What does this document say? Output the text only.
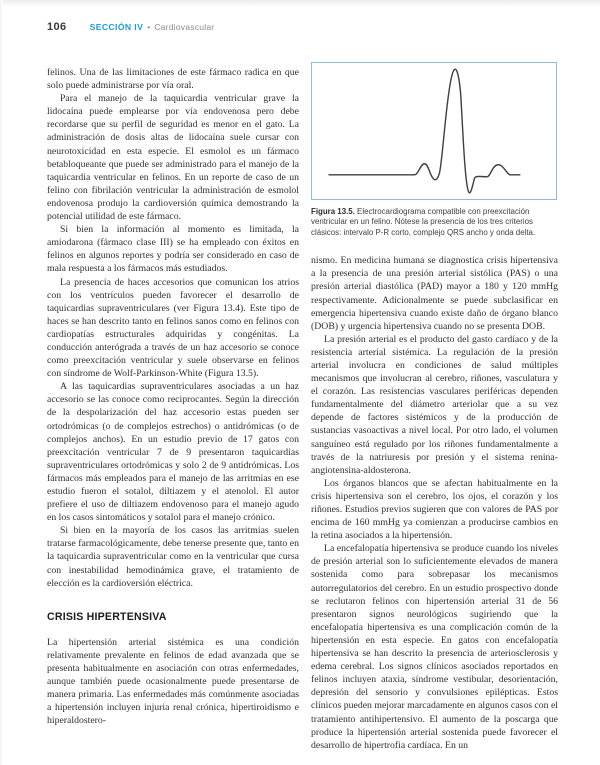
106	SECCIÓN IV • Cardiovascular

felinos. Una de las limitaciones de este fármaco radica en que solo puede administrarse por vía oral.

Para el manejo de la taquicardia ventricular grave la lidocaína puede emplearse por vía endovenosa pero debe recordarse que su perfil de seguridad es menor en el gato. La administración de dosis altas de lidocaína suele cursar con neurotoxicidad en esta especie. El esmolol es un fármaco betabloqueante que puede ser administrado para el manejo de la taquicardia ventricular en felinos. En un reporte de caso de un felino con fibrilación ventricular la administración de esmolol endovenosa produjo la cardioversión química demostrando la potencial utilidad de este fármaco.

Si bien la información al momento es limitada, la amiodarona (fármaco clase III) se ha empleado con éxitos en felinos en algunos reportes y podría ser considerado en caso de mala respuesta a los fármacos más estudiados.

La presencia de haces accesorios que comunican los atrios con los ventrículos pueden favorecer el desarrollo de taquicardias supraventriculares (ver Figura 13.4). Este tipo de haces se han descrito tanto en felinos sanos como en felinos con cardiopatías estructurales adquiridas y congénitas. La conducción anterógrada a través de un haz accesorio se conoce como preexcitación ventricular y suele observarse en felinos con síndrome de Wolf-Parkinson-White (Figura 13.5).

A las taquicardias supraventriculares asociadas a un haz accesorio se las conoce como reciprocantes. Según la dirección de la despolarización del haz accesorio estas pueden ser ortodrómicas (o de complejos estrechos) o antidrómicas (o de complejos anchos). En un estudio previo de 17 gatos con preexcitación ventricular 7 de 9 presentaron taquicardias supraventriculares ortodrómicas y solo 2 de 9 antidrómicas. Los fármacos más empleados para el manejo de las arritmias en ese estudio fueron el sotalol, diltiazem y el atenolol. El autor prefiere el uso de diltiazem endovenoso para el manejo agudo en los casos sintomáticos y sotalol para el manejo crónico.

Si bien en la mayoría de los casos las arritmias suelen tratarse farmacológicamente, debe tenerse presente que, tanto en la taquicardia supraventricular como en la ventricular que cursa con inestabilidad hemodinámica grave, el tratamiento de elección es la cardioversión eléctrica.

CRISIS HIPERTENSIVA

La hipertensión arterial sistémica es una condición relativamente prevalente en felinos de edad avanzada que se presenta habitualmente en asociación con otras enfermedades, aunque también puede ocasionalmente puede presentarse de manera primaria. Las enfermedades más comúnmente asociadas a hipertensión incluyen injuria renal crónica, hipertiroidismo e hiperaldostero-

Figura 13.5. Electrocardiograma compatible con preexcitación ventricular en un felino. Nótese la presencia de los tres criterios clásicos: intervalo P-R corto, complejo QRS ancho y onda delta.

nismo. En medicina humana se diagnostica crisis hipertensiva a la presencia de una presión arterial sistólica (PAS) o una presión arterial diastólica (PAD) mayor a 180 y 120 mmHg respectivamente. Adicionalmente se puede subclasificar en emergencia hipertensiva cuando existe daño de órgano blanco (DOB) y urgencia hipertensiva cuando no se presenta DOB.

La presión arterial es el producto del gasto cardíaco y de la resistencia arterial sistémica. La regulación de la presión arterial involucra en condiciones de salud múltiples mecanismos que involucran al cerebro, riñones, vasculatura y el corazón. Las resistencias vasculares periféricas dependen fundamentalmente del diámetro arteriolar que a su vez depende de factores sistémicos y de la producción de sustancias vasoactivas a nivel local. Por otro lado, el volumen sanguíneo está regulado por los riñones fundamentalmente a través de la natriuresis por presión y el sistema renina-angiotensina-aldosterona.

Los órganos blancos que se afectan habitualmente en la crisis hipertensiva son el cerebro, los ojos, el corazón y los riñones. Estudios previos sugieren que con valores de PAS por encima de 160 mmHg ya comienzan a producirse cambios en la retina asociados a la hipertensión.

La encefalopatía hipertensiva se produce cuando los niveles de presión arterial son lo suficientemente elevados de manera sostenida como para sobrepasar los mecanismos autorregulatorios del cerebro. En un estudio prospectivo donde se reclutaron felinos con hipertensión arterial 31 de 56 presentaron signos neurológicos sugiriendo que la encefalopatía hipertensiva es una complicación común de la hipertensión en esta especie. En gatos con encefalopatía hipertensiva se han descrito la presencia de arteriosclerosis y edema cerebral. Los signos clínicos asociados reportados en felinos incluyen ataxia, síndrome vestibular, desorientación, depresión del sensorio y convulsiones epilépticas. Estos clínicos pueden mejorar marcadamente en algunos casos con el tratamiento antihipertensivo. El aumento de la poscarga que produce la hipertensión arterial sostenida puede favorecer el desarrollo de hipertrofia cardíaca. En un
